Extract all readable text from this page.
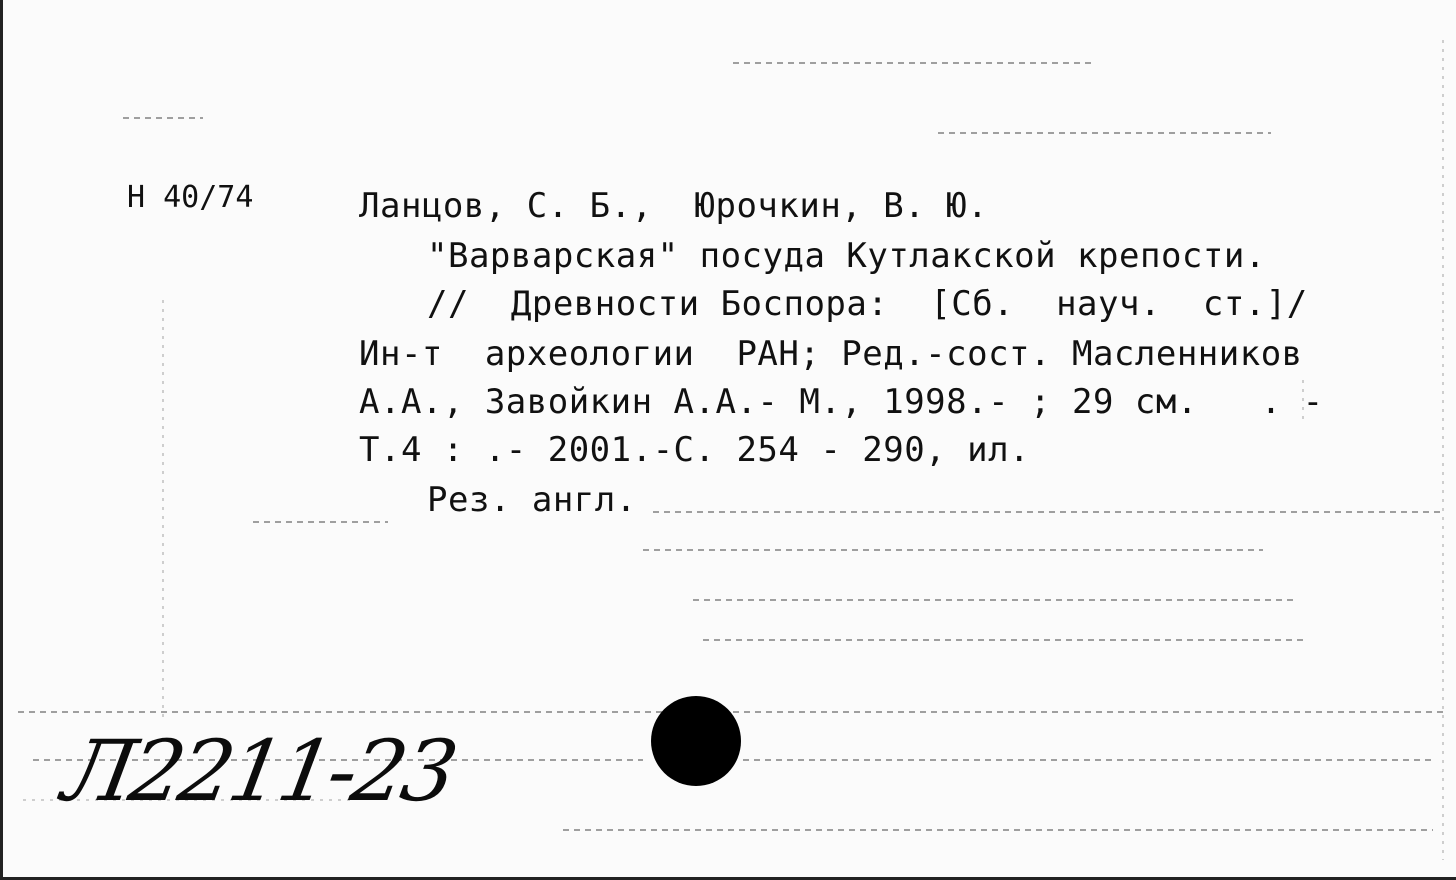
Н 40/74	Ланцов, С. Б.,  Юрочкин, В. Ю.
"Варварская" посуда Кутлакской крепости.
//  Древности Боспора:  [Сб.  науч.  ст.]/
Ин-т  археологии  РАН; Ред.-сост. Масленников
А.А., Завойкин А.А.- М., 1998.- ; 29 см.   . -
Т.4 : .- 2001.-С. 254 - 290, ил.
Рез. англ.
Л2211-23
